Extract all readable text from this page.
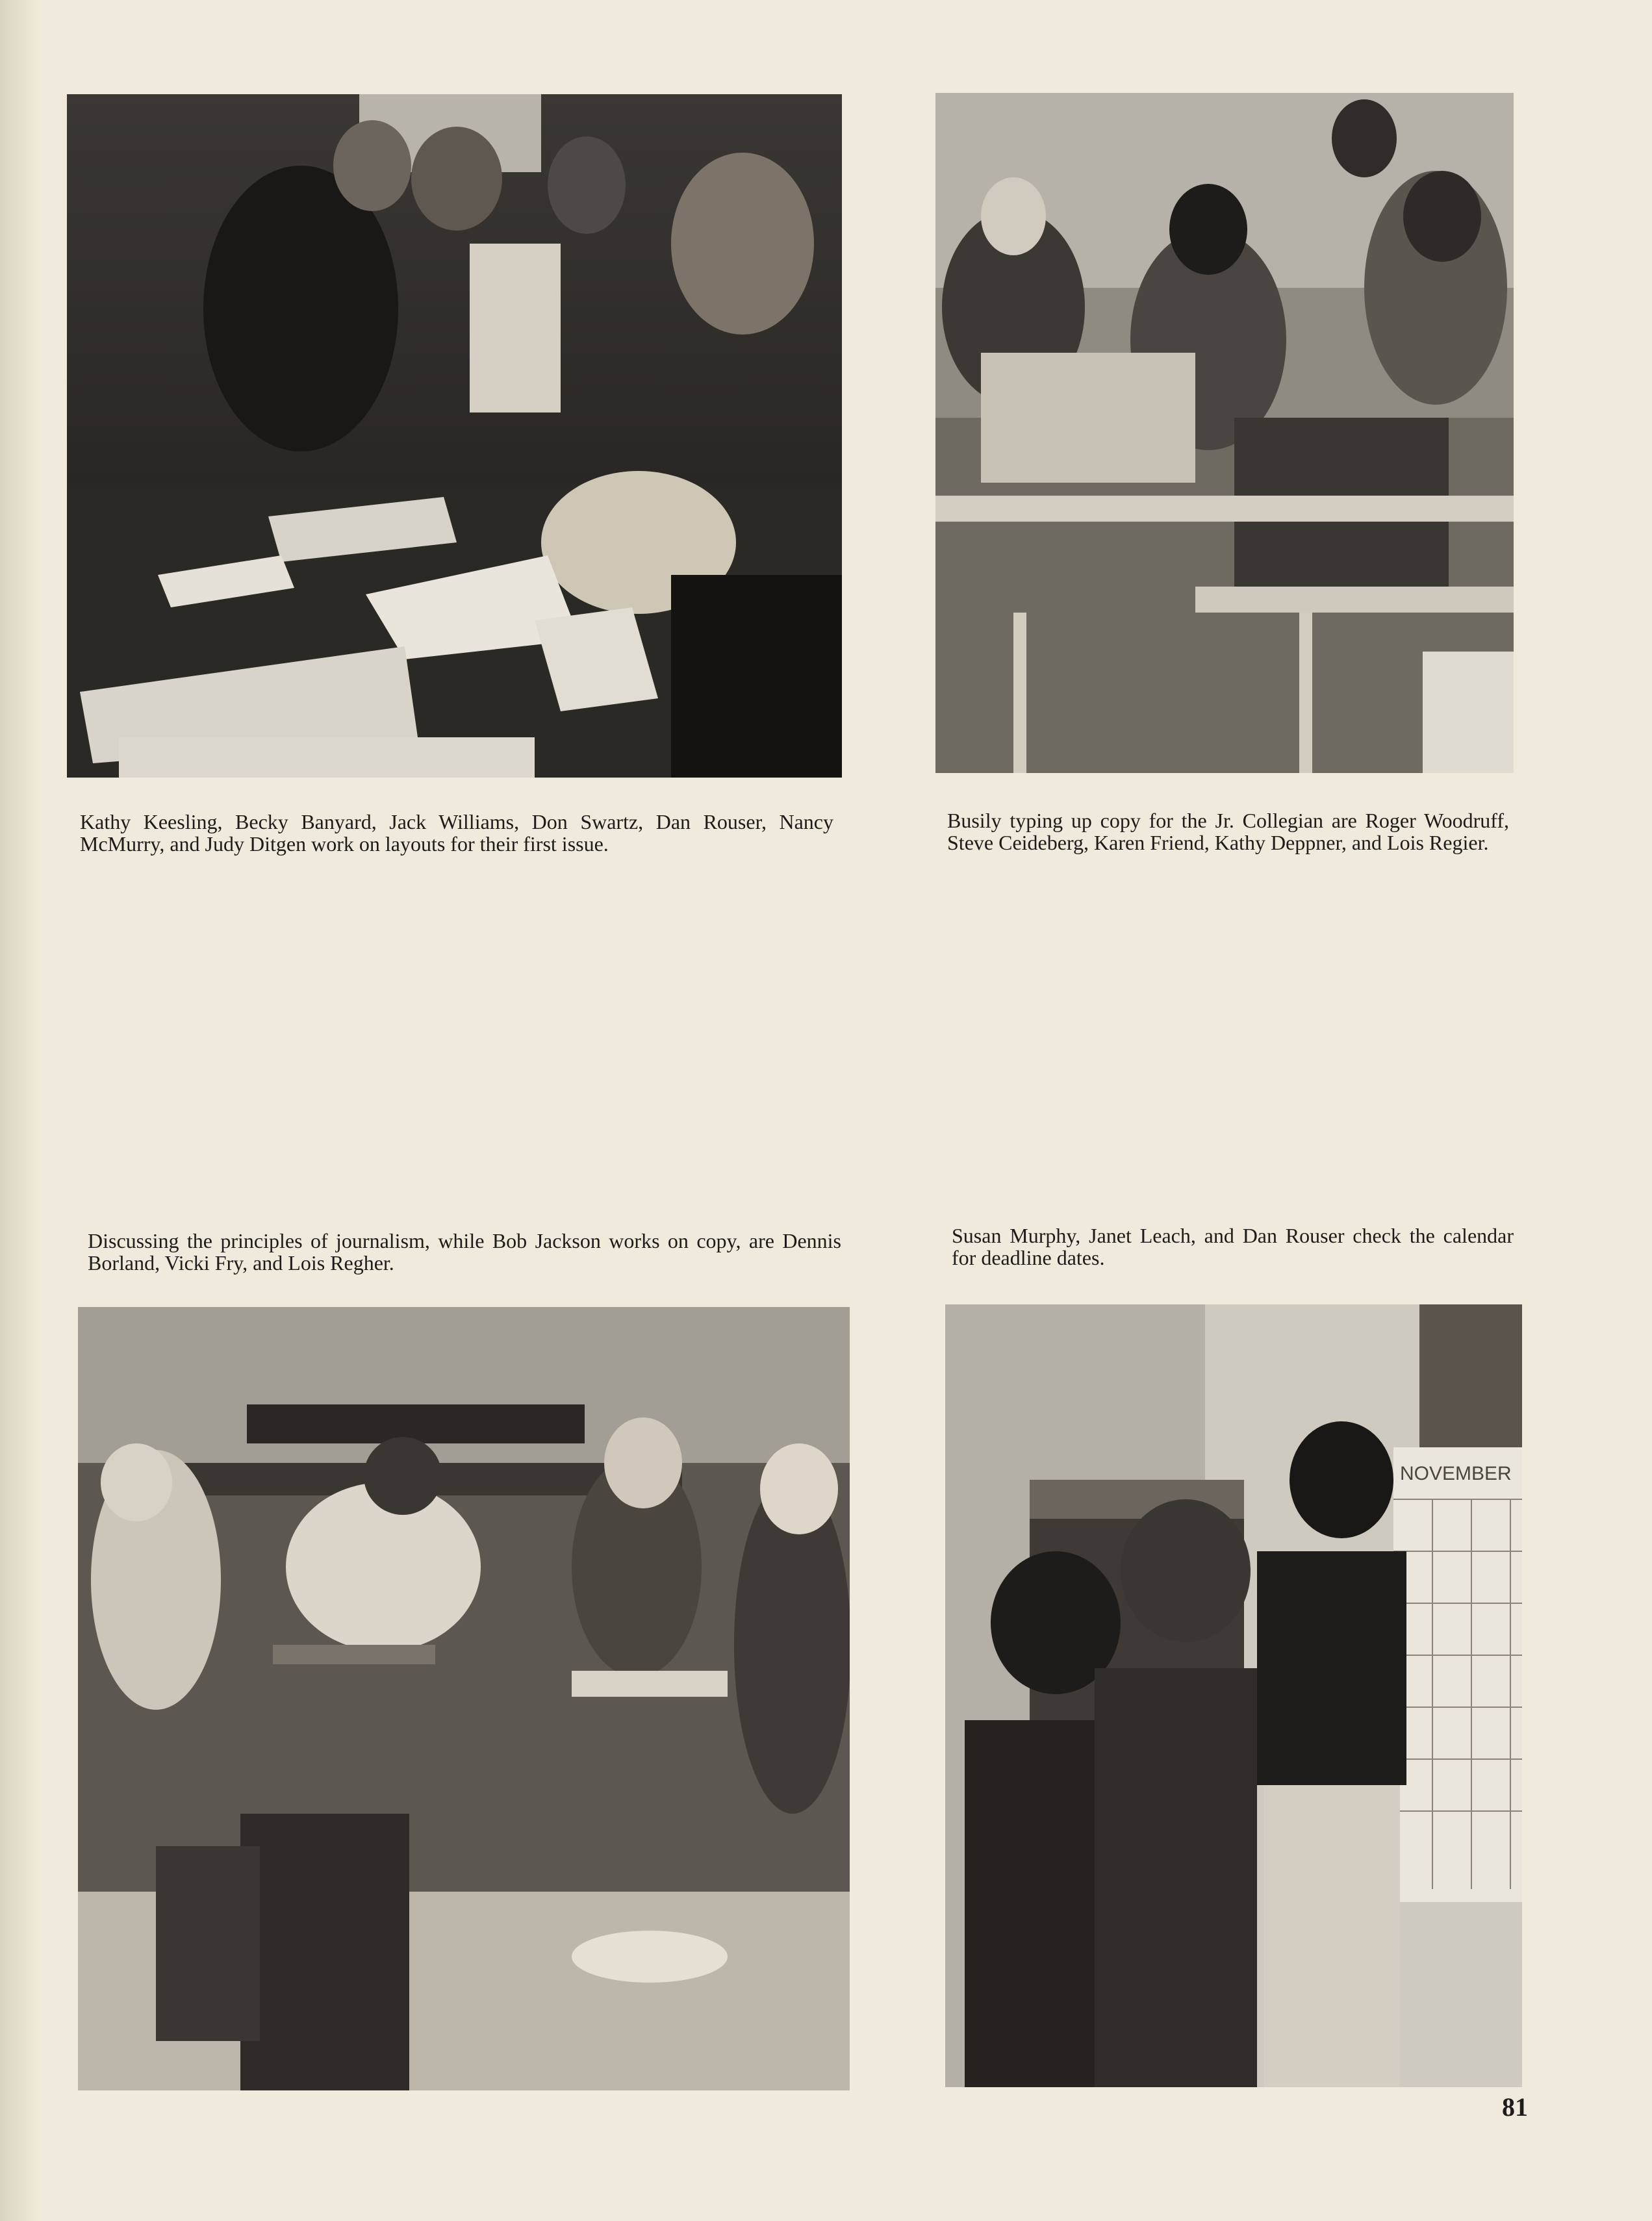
Kathy Keesling, Becky Banyard, Jack Williams, Don Swartz, Dan Rouser, Nancy McMurry, and Judy Ditgen work on layouts for their first issue.

Busily typing up copy for the Jr. Collegian are Roger Woodruff, Steve Ceideberg, Karen Friend, Kathy Deppner, and Lois Regier.

Discussing the principles of journalism, while Bob Jackson works on copy, are Dennis Borland, Vicki Fry, and Lois Regher.

Susan Murphy, Janet Leach, and Dan Rouser check the calendar for deadline dates.

NOVEMBER
81
